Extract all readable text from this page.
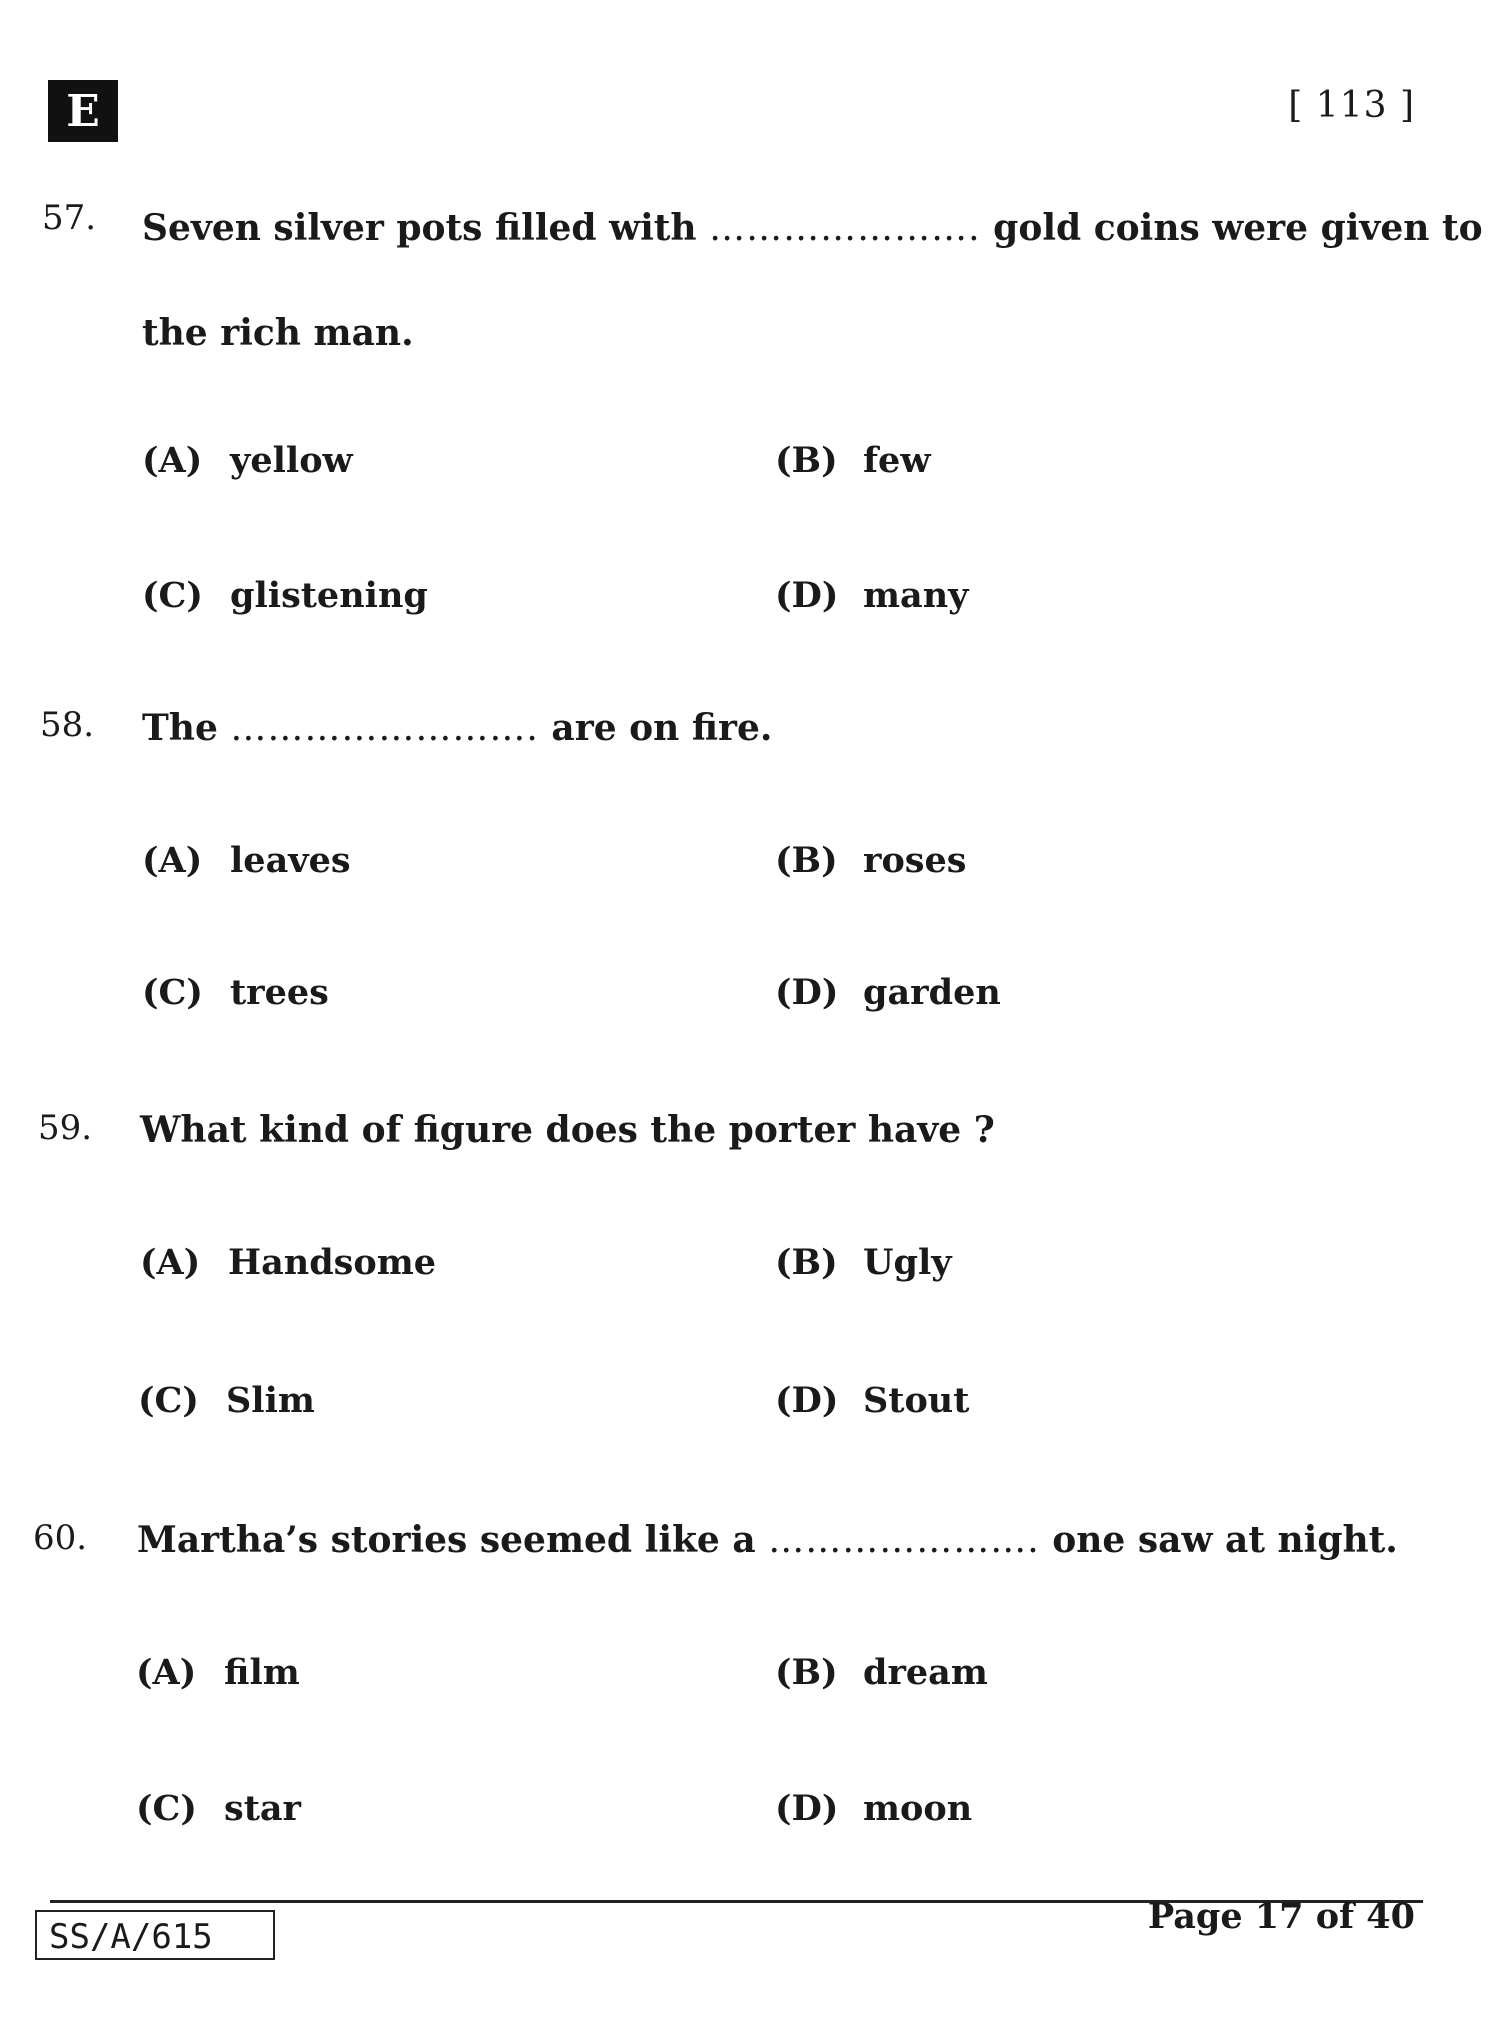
E	[ 113 ]
57. Seven silver pots filled with …………………. gold coins were given to
the rich man.
(A) yellow	(B) few
(C) glistening	(D) many
58. The ……………………. are on fire.
(A) leaves	(B) roses
(C) trees	(D) garden
59. What kind of figure does the porter have ?
(A) Handsome	(B) Ugly
(C) Slim	(D) Stout
60. Martha’s stories seemed like a …………………. one saw at night.
(A) film	(B) dream
(C) star	(D) moon
SS/A/615	Page 17 of 40
